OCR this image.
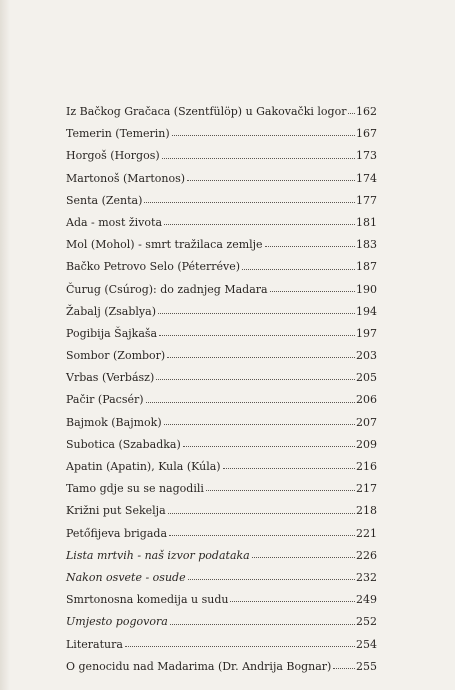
Iz Bačkog Gračaca (Szentfülöp) u Gakovački logor 162
Temerin (Temerin)	167
Horgoš (Horgos)	173
Martonoš (Martonos)	174
Senta (Zenta)	177
Ada - most života	181
Mol (Mohol) - smrt tražilaca zemlje	183
Bačko Petrovo Selo (Péterréve)	187
Čurug (Csúrog): do zadnjeg Madara	190
Žabalj (Zsablya)	194
Pogibija Šajkaša	197
Sombor (Zombor)	203
Vrbas (Verbász)	205
Pačir (Pacsér)	206
Bajmok (Bajmok)	207
Subotica (Szabadka)	209
Apatin (Apatin), Kula (Kúla)	216
Tamo gdje su se nagodili	217
Križni put Sekelja	218
Petőfijeva brigada	221
Lista mrtvih - naš izvor podataka	226
Nakon osvete - osude	232
Smrtonosna komedija u sudu	249
Umjesto pogovora	252
Literatura	254
O genocidu nad Madarima (Dr. Andrija Bognar) 255
